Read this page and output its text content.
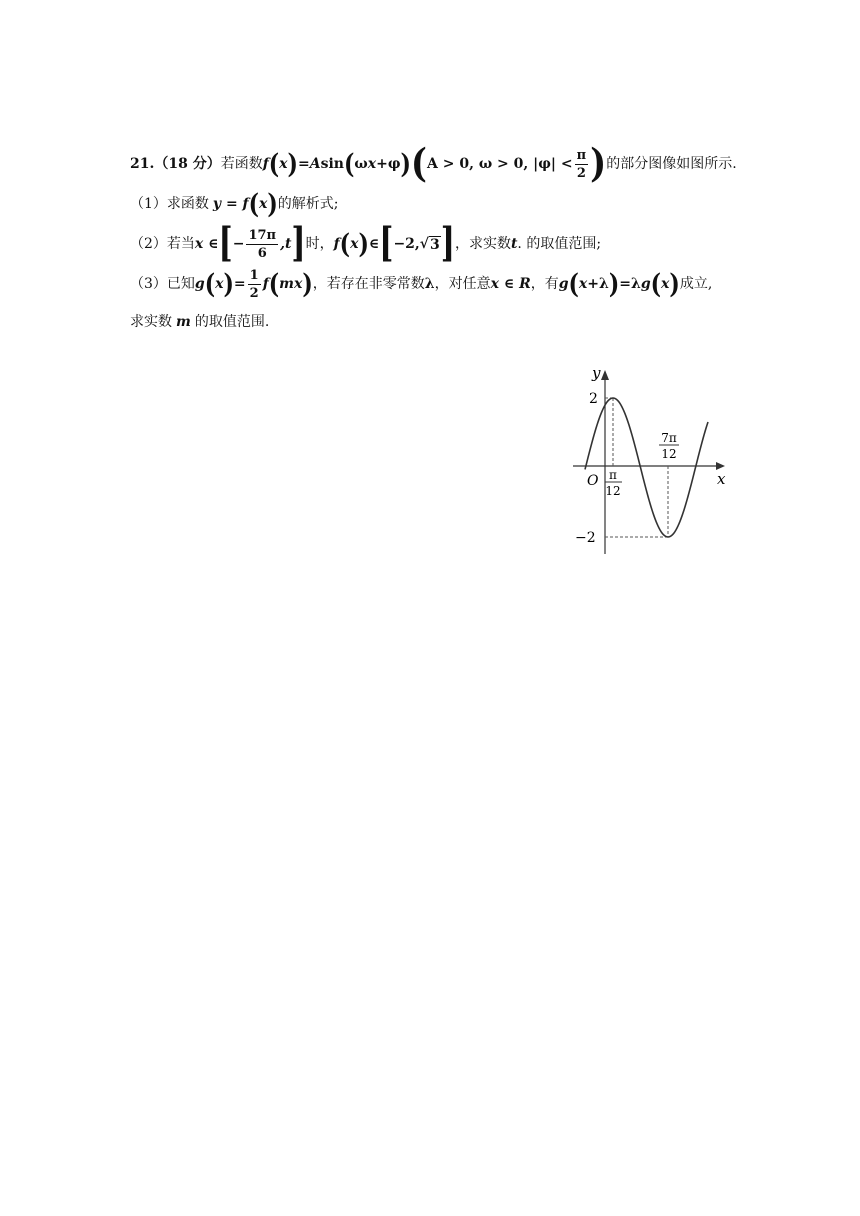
21. （18 分） 若函数 f ( x ) = A sin ( ω x + φ ) ( A > 0, ω > 0, $|\varphi| < \frac{\pi}{2}$ ) 的部分图像如图所示.
（1） 求函数 y
=
f ( x ) 的解析式;
（2） 若当 x
∈ [ − $\frac{17\pi}{6} ,t$ ] 时， f ( x ) ∈ [ −2, √ 3 ] ，求实数 t . 的取值范围;
（3） 已知 g ( x ) = $\frac{1}{2}$ f ( mx ) ，若存在非零常数 λ ，对任意 x
∈
R ，有 g ( x + λ ) = λ g ( x ) 成立,
求实数 m 的取值范围.
y
x
O
2
−2
π
12
7π
12
